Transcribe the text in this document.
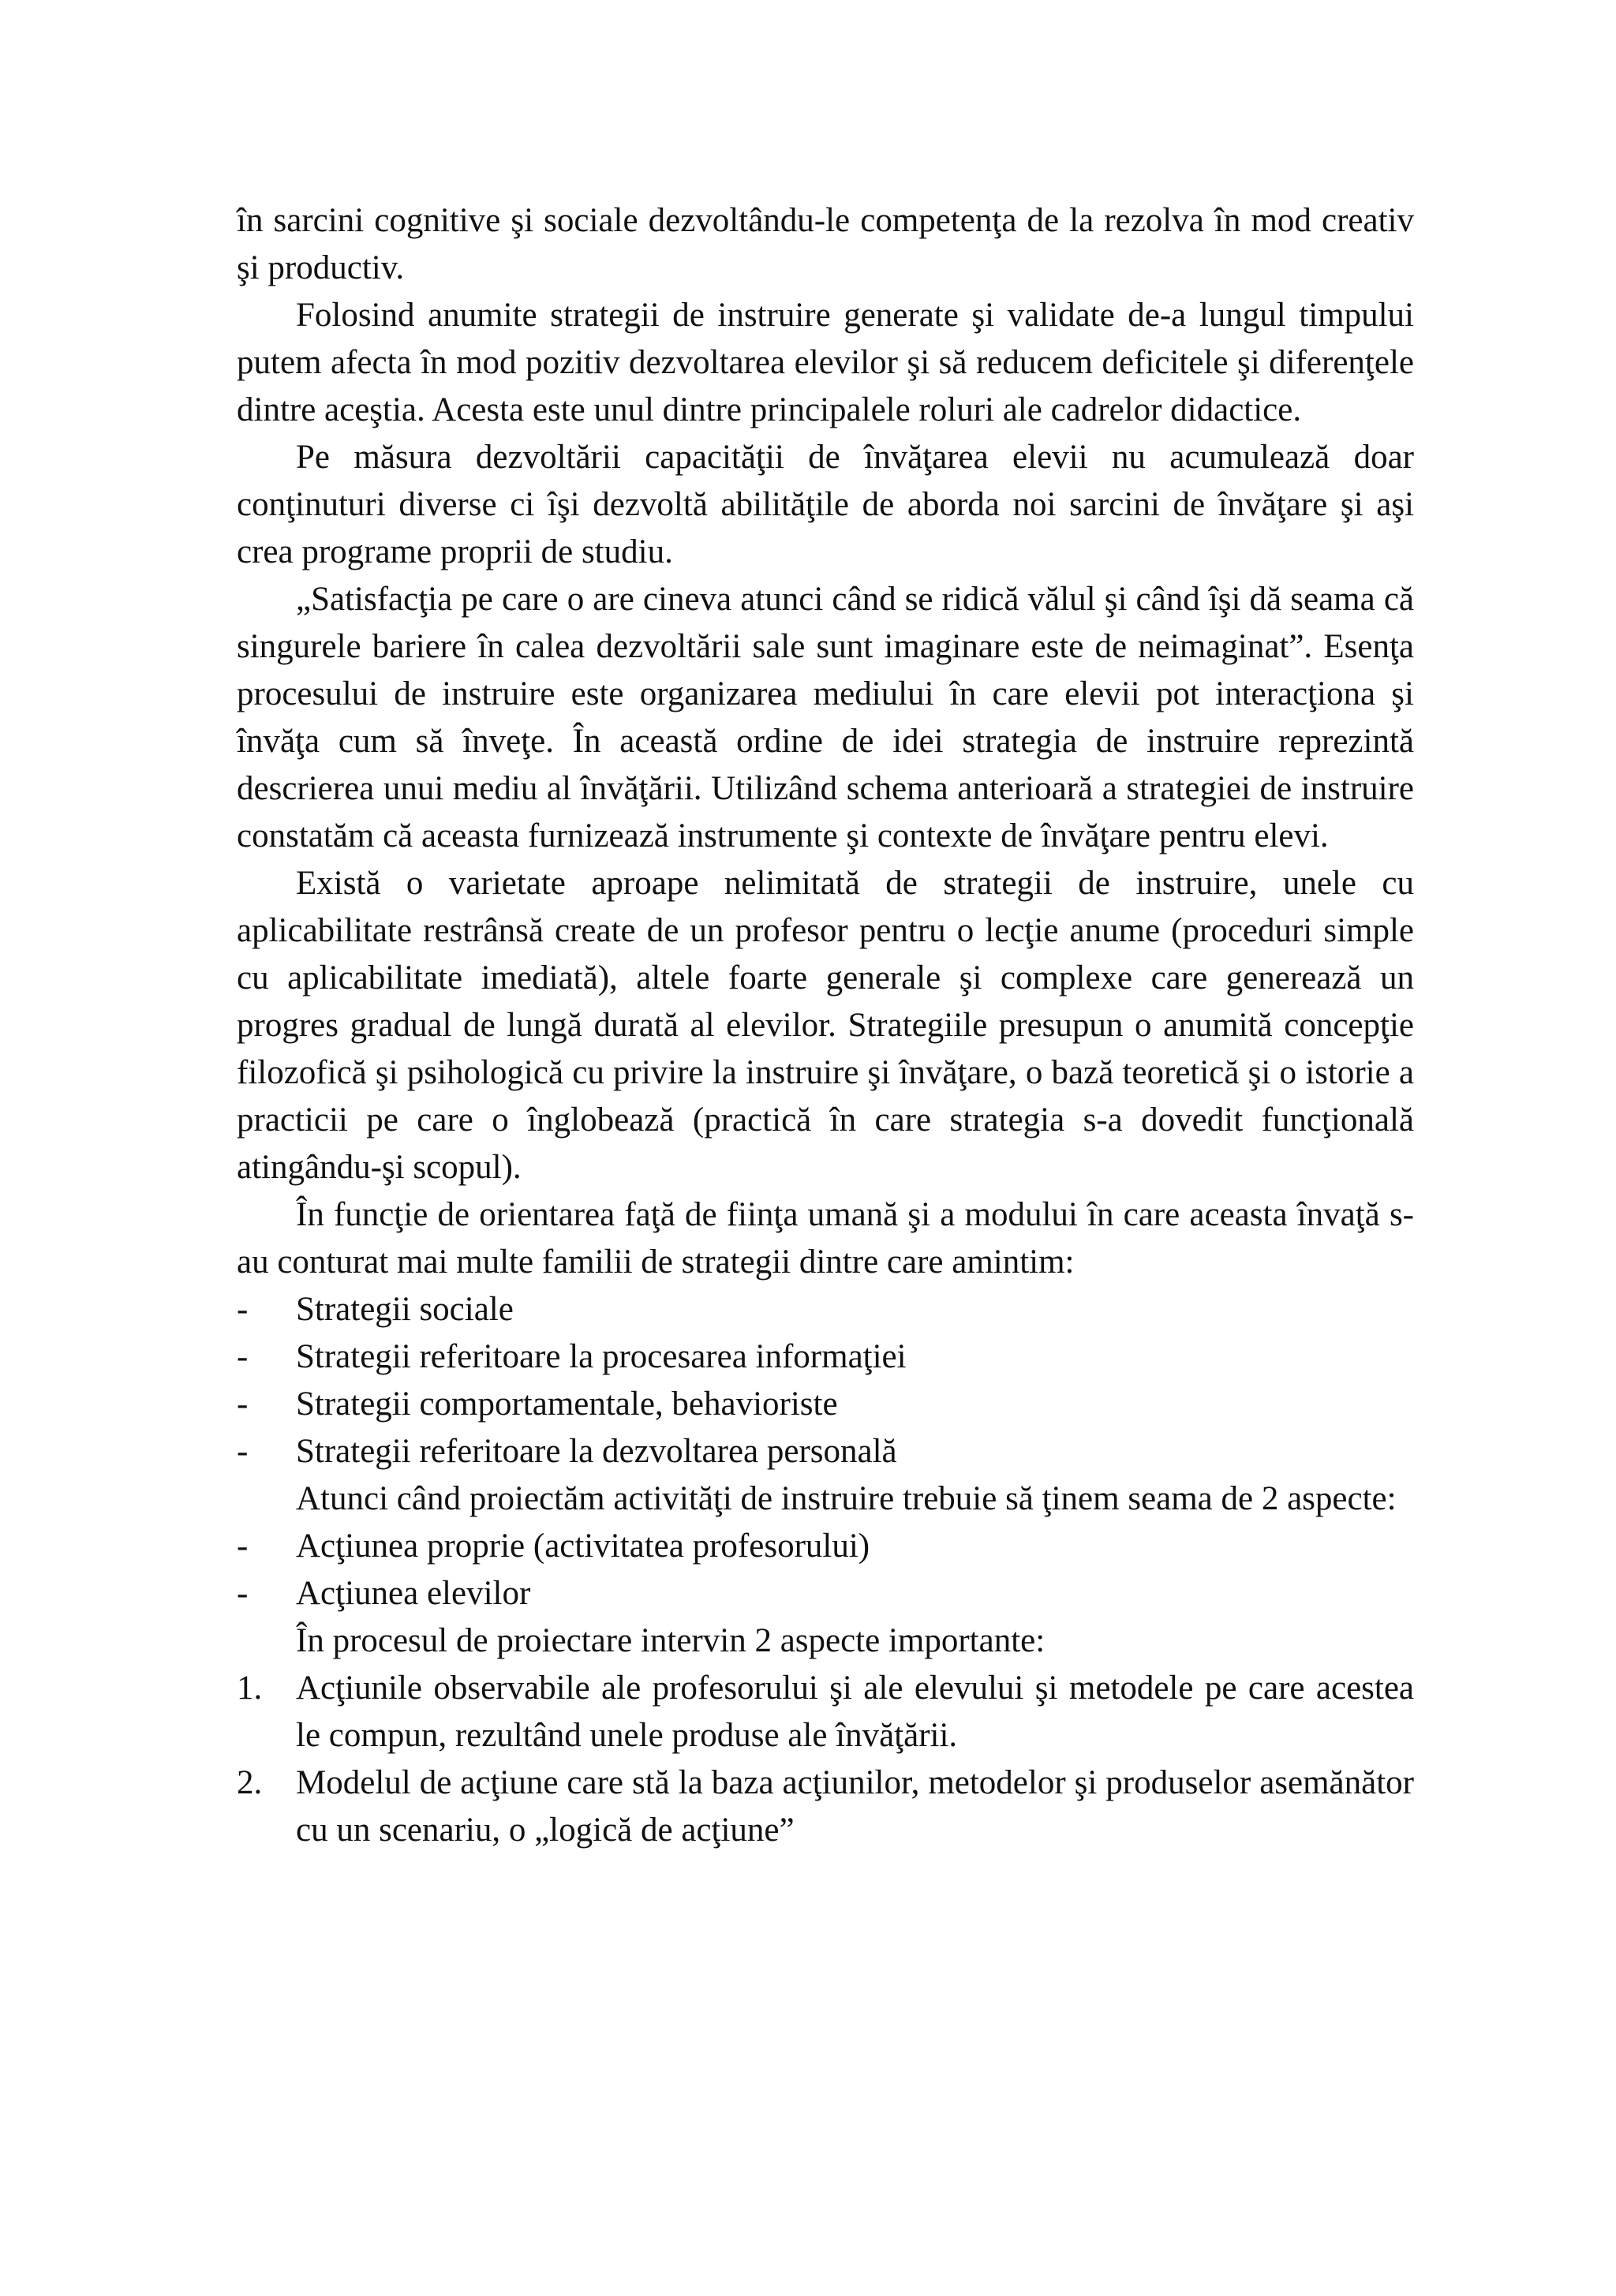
în sarcini cognitive şi sociale dezvoltându-le competenţa de la rezolva în mod creativ şi productiv.

Folosind anumite strategii de instruire generate şi validate de-a lungul timpului putem afecta în mod pozitiv dezvoltarea elevilor şi să reducem deficitele şi diferenţele dintre aceştia. Acesta este unul dintre principalele roluri ale cadrelor didactice.

Pe măsura dezvoltării capacităţii de învăţarea elevii nu acumulează doar conţinuturi diverse ci îşi dezvoltă abilităţile de aborda noi sarcini de învăţare şi aşi crea programe proprii de studiu.

„Satisfacţia pe care o are cineva atunci când se ridică vălul şi când îşi dă seama că singurele bariere în calea dezvoltării sale sunt imaginare este de neimaginat”. Esenţa procesului de instruire este organizarea mediului în care elevii pot interacţiona şi învăţa cum să înveţe. În această ordine de idei strategia de instruire reprezintă descrierea unui mediu al învăţării. Utilizând schema anterioară a strategiei de instruire constatăm că aceasta furnizează instrumente şi contexte de învăţare pentru elevi.

Există o varietate aproape nelimitată de strategii de instruire, unele cu aplicabilitate restrânsă create de un profesor pentru o lecţie anume (proceduri simple cu aplicabilitate imediată), altele foarte generale şi complexe care generează un progres gradual de lungă durată al elevilor. Strategiile presupun o anumită concepţie filozofică şi psihologică cu privire la instruire şi învăţare, o bază teoretică şi o istorie a practicii pe care o înglobează (practică în care strategia s-a dovedit funcţională atingându-şi scopul).

În funcţie de orientarea faţă de fiinţa umană şi a modului în care aceasta învaţă s-au conturat mai multe familii de strategii dintre care amintim:

-	Strategii sociale
-	Strategii referitoare la procesarea informaţiei
-	Strategii comportamentale, behavioriste
-	Strategii referitoare la dezvoltarea personală

Atunci când proiectăm activităţi de instruire trebuie să ţinem seama de 2 aspecte:

-	Acţiunea proprie (activitatea profesorului)
-	Acţiunea elevilor

În procesul de proiectare intervin 2 aspecte importante:

1. Acţiunile observabile ale profesorului şi ale elevului şi metodele pe care acestea le compun, rezultând unele produse ale învăţării.
2. Modelul de acţiune care stă la baza acţiunilor, metodelor şi produselor asemănător cu un scenariu, o „logică de acţiune”
